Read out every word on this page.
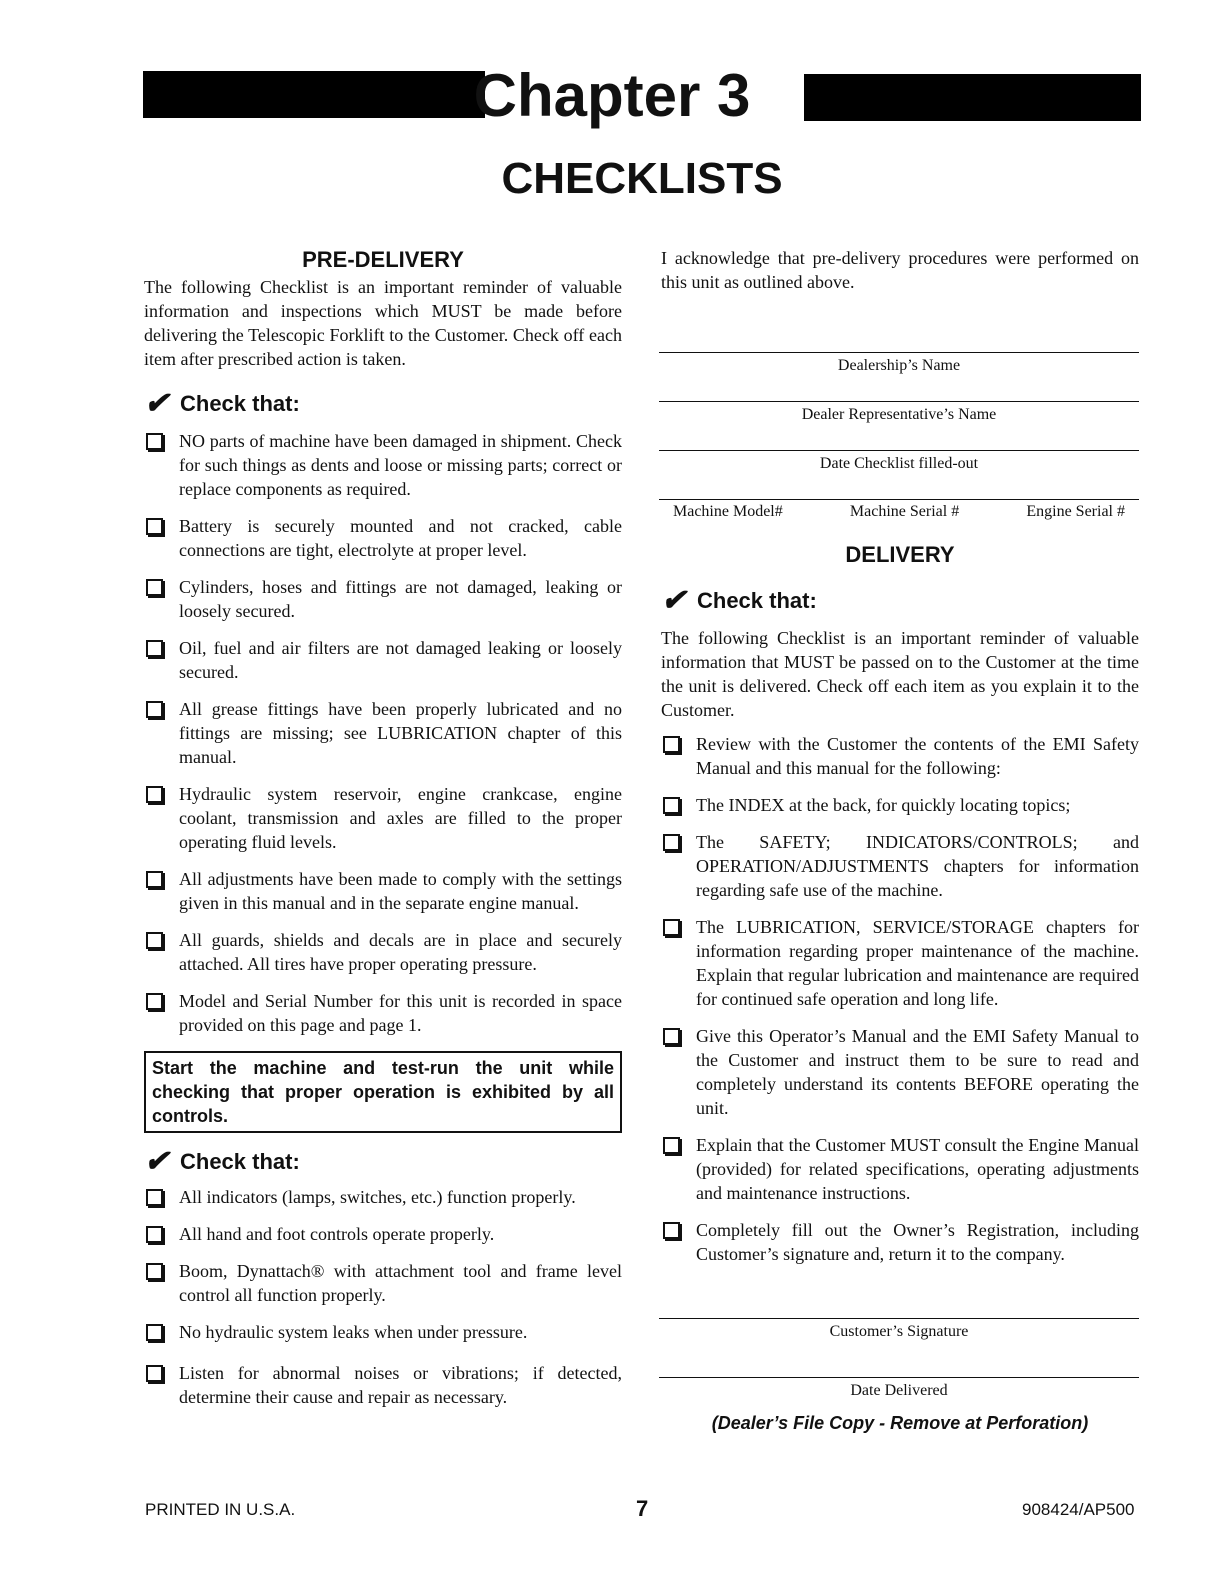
Chapter 3
CHECKLISTS
PRE-DELIVERY

The following Checklist is an important reminder of valuable information and inspections which MUST be made before delivering the Telescopic Forklift to the Customer. Check off each item after prescribed action is taken.

✔ Check that:
NO parts of machine have been damaged in shipment. Check for such things as dents and loose or missing parts; correct or replace components as required.
Battery is securely mounted and not cracked, cable connections are tight, electrolyte at proper level.
Cylinders, hoses and fittings are not damaged, leaking or loosely secured.
Oil, fuel and air filters are not damaged leaking or loosely secured.
All grease fittings have been properly lubricated and no fittings are missing; see LUBRICATION chapter of this manual.
Hydraulic system reservoir, engine crankcase, engine coolant, transmission and axles are filled to the proper operating fluid levels.
All adjustments have been made to comply with the settings given in this manual and in the separate engine manual.
All guards, shields and decals are in place and securely attached. All tires have proper operating pressure.
Model and Serial Number for this unit is recorded in space provided on this page and page 1.
Start the machine and test-run the unit while checking that proper operation is exhibited by all controls.
✔ Check that:
All indicators (lamps, switches, etc.) function properly.
All hand and foot controls operate properly.
Boom, Dynattach® with attachment tool and frame level control all function properly.
No hydraulic system leaks when under pressure.
Listen for abnormal noises or vibrations; if detected, determine their cause and repair as necessary.

I acknowledge that pre-delivery procedures were performed on this unit as outlined above.

Dealership’s Name
Dealer Representative’s Name
Date Checklist filled-out
Machine Model#	Machine Serial #	Engine Serial #
DELIVERY
✔ Check that:

The following Checklist is an important reminder of valuable information that MUST be passed on to the Customer at the time the unit is delivered. Check off each item as you explain it to the Customer.

Review with the Customer the contents of the EMI Safety Manual and this manual for the following:
The INDEX at the back, for quickly locating topics;
The SAFETY; INDICATORS/CONTROLS; and OPERATION/ADJUSTMENTS chapters for information regarding safe use of the machine.
The LUBRICATION, SERVICE/STORAGE chapters for information regarding proper maintenance of the machine. Explain that regular lubrication and maintenance are required for continued safe operation and long life.
Give this Operator’s Manual and the EMI Safety Manual to the Customer and instruct them to be sure to read and completely understand its contents BEFORE operating the unit.
Explain that the Customer MUST consult the Engine Manual (provided) for related specifications, operating adjustments and maintenance instructions.
Completely fill out the Owner’s Registration, including Customer’s signature and, return it to the company.
Customer’s Signature
Date Delivered
(Dealer’s File Copy - Remove at Perforation)
PRINTED IN U.S.A.	7	908424/AP500
